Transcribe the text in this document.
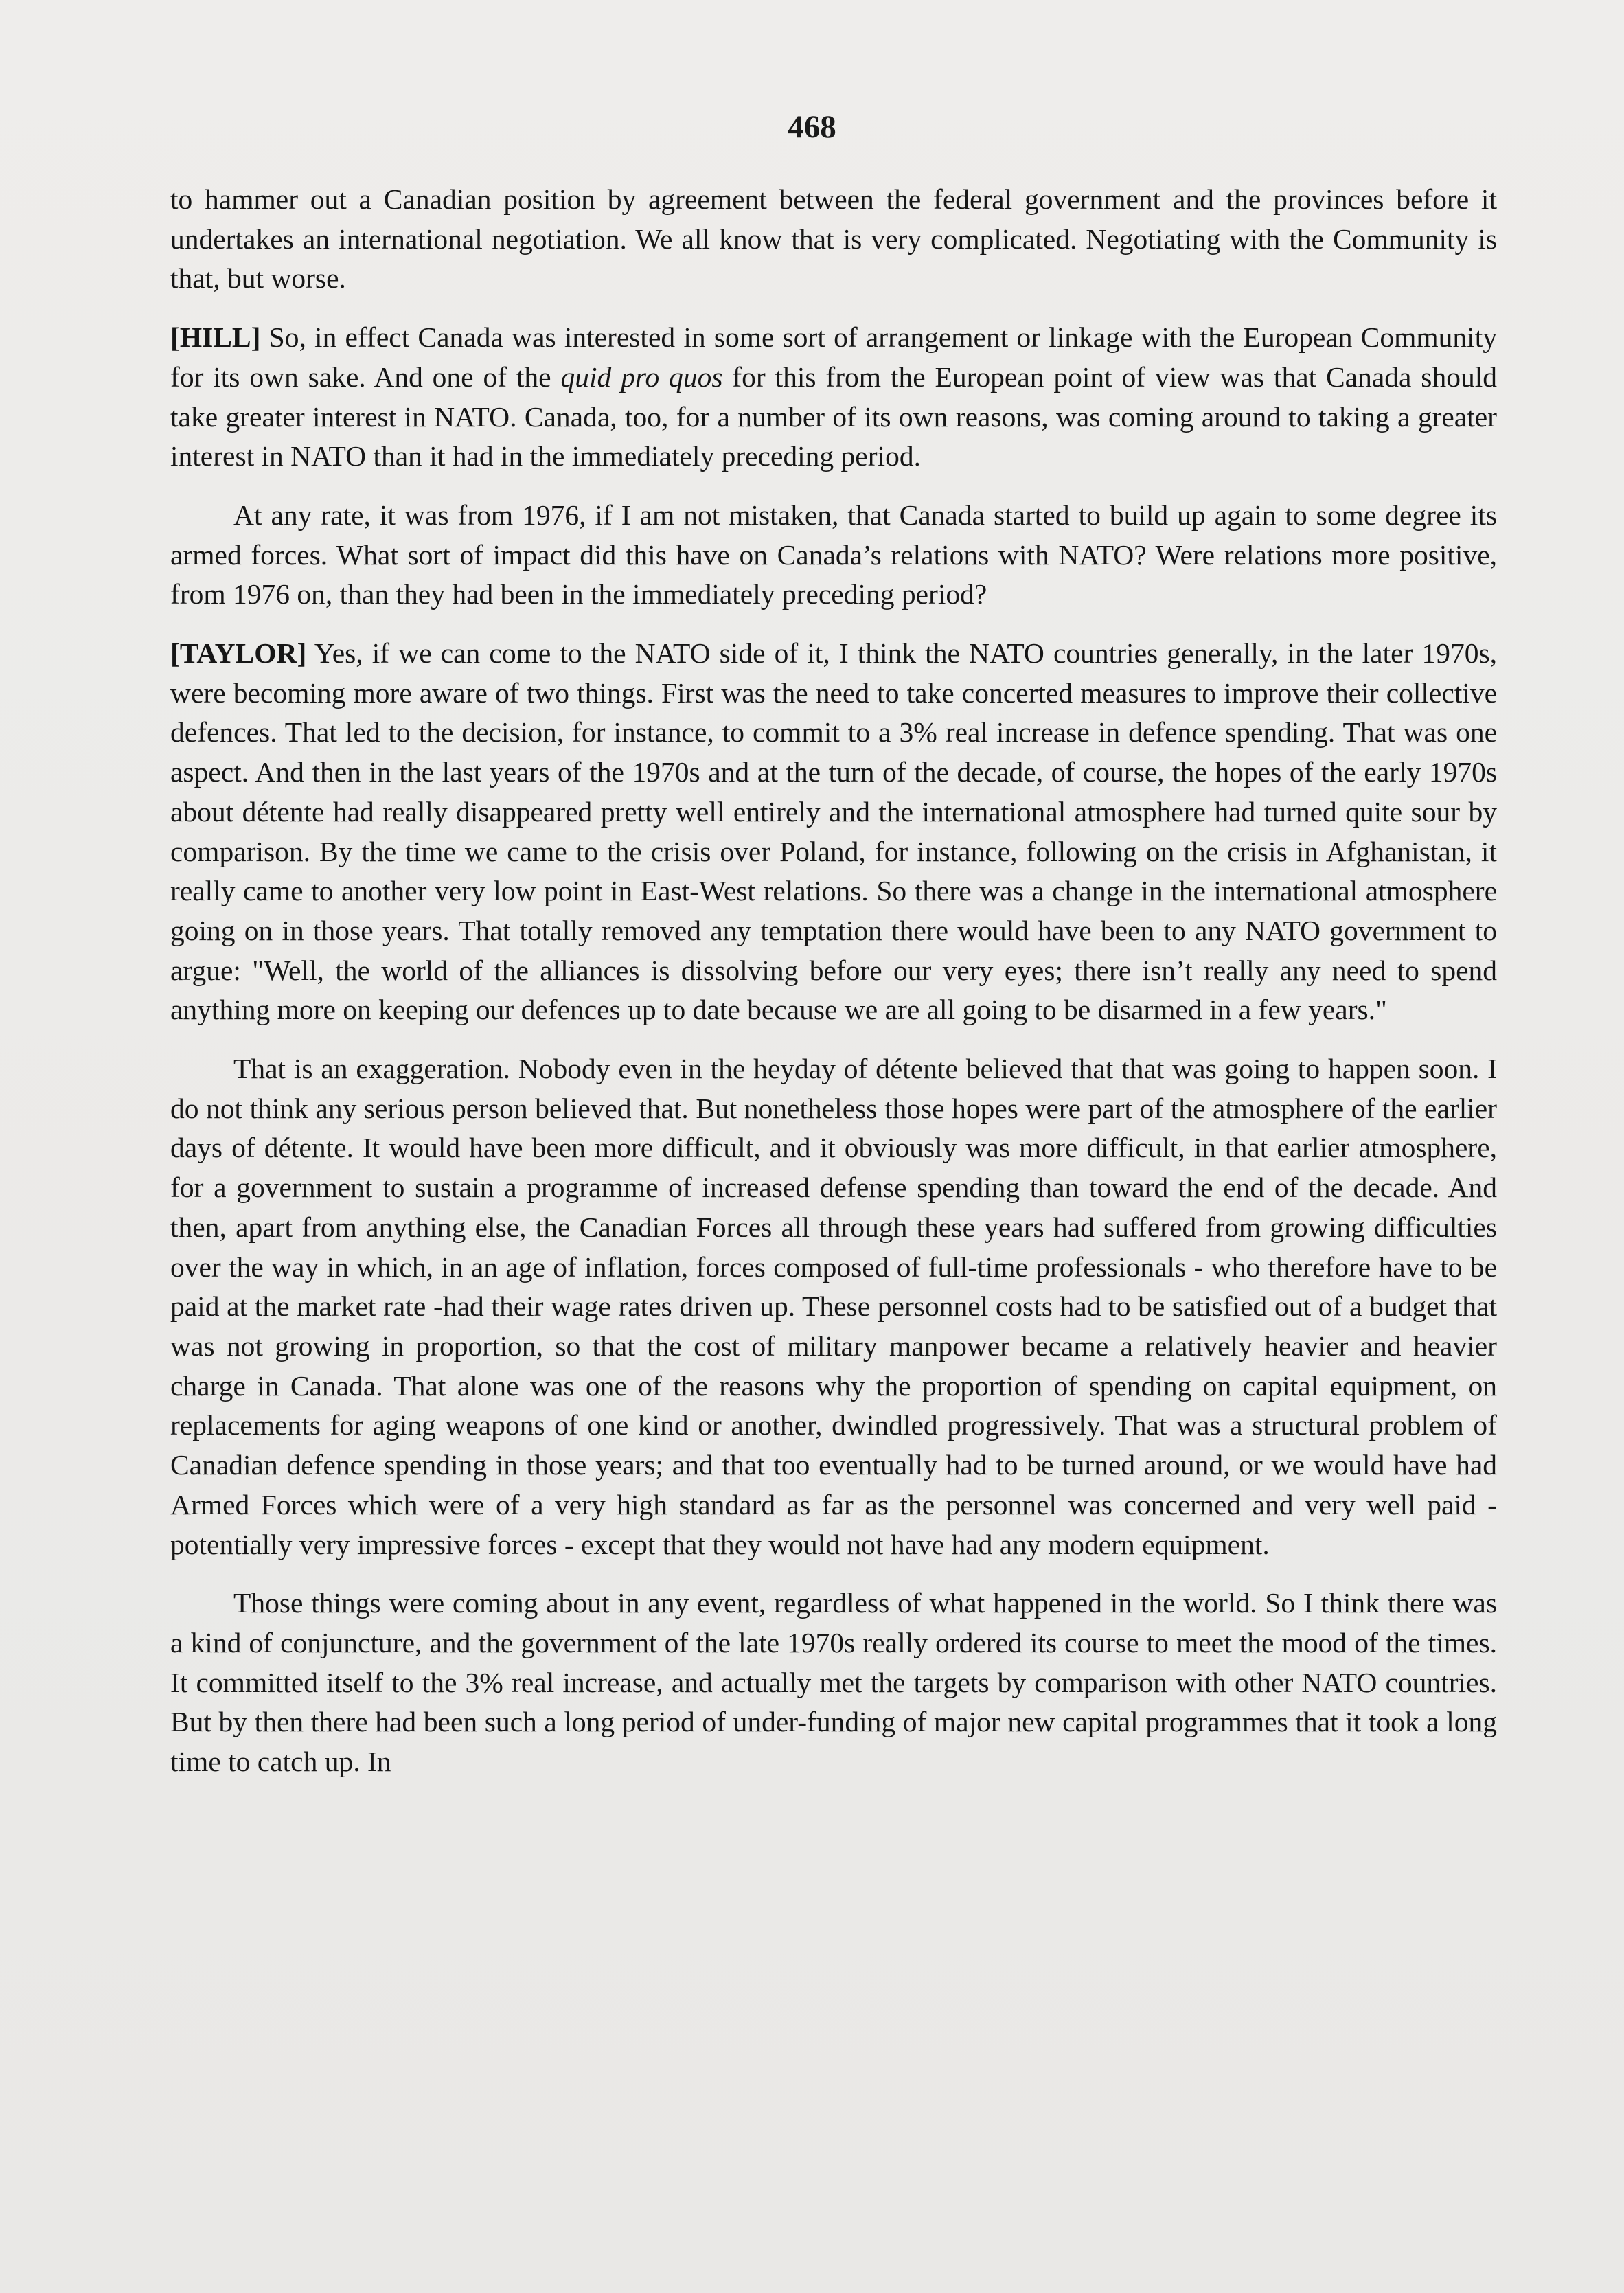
468

to hammer out a Canadian position by agreement between the federal government and the provinces before it undertakes an international negotiation. We all know that is very complicated. Negotiating with the Community is that, but worse.

[HILL] So, in effect Canada was interested in some sort of arrangement or linkage with the European Community for its own sake. And one of the quid pro quos for this from the European point of view was that Canada should take greater interest in NATO. Canada, too, for a number of its own reasons, was coming around to taking a greater interest in NATO than it had in the immediately preceding period.

At any rate, it was from 1976, if I am not mistaken, that Canada started to build up again to some degree its armed forces. What sort of impact did this have on Canada’s relations with NATO? Were relations more positive, from 1976 on, than they had been in the immediately preceding period?

[TAYLOR] Yes, if we can come to the NATO side of it, I think the NATO countries generally, in the later 1970s, were becoming more aware of two things. First was the need to take concerted measures to improve their collective defences. That led to the decision, for instance, to commit to a 3% real increase in defence spending. That was one aspect. And then in the last years of the 1970s and at the turn of the decade, of course, the hopes of the early 1970s about détente had really disappeared pretty well entirely and the international atmosphere had turned quite sour by comparison. By the time we came to the crisis over Poland, for instance, following on the crisis in Afghanistan, it really came to another very low point in East-West relations. So there was a change in the international atmosphere going on in those years. That totally removed any temptation there would have been to any NATO government to argue: "Well, the world of the alliances is dissolving before our very eyes; there isn’t really any need to spend anything more on keeping our defences up to date because we are all going to be disarmed in a few years."

That is an exaggeration. Nobody even in the heyday of détente believed that that was going to happen soon. I do not think any serious person believed that. But nonetheless those hopes were part of the atmosphere of the earlier days of détente. It would have been more difficult, and it obviously was more difficult, in that earlier atmosphere, for a government to sustain a programme of increased defense spending than toward the end of the decade. And then, apart from anything else, the Canadian Forces all through these years had suffered from growing difficulties over the way in which, in an age of inflation, forces composed of full-time professionals - who therefore have to be paid at the market rate -had their wage rates driven up. These personnel costs had to be satisfied out of a budget that was not growing in proportion, so that the cost of military manpower became a relatively heavier and heavier charge in Canada. That alone was one of the reasons why the proportion of spending on capital equipment, on replacements for aging weapons of one kind or another, dwindled progressively. That was a structural problem of Canadian defence spending in those years; and that too eventually had to be turned around, or we would have had Armed Forces which were of a very high standard as far as the personnel was concerned and very well paid - potentially very impressive forces - except that they would not have had any modern equipment.

Those things were coming about in any event, regardless of what happened in the world. So I think there was a kind of conjuncture, and the government of the late 1970s really ordered its course to meet the mood of the times. It committed itself to the 3% real increase, and actually met the targets by comparison with other NATO countries. But by then there had been such a long period of under-funding of major new capital programmes that it took a long time to catch up. In
